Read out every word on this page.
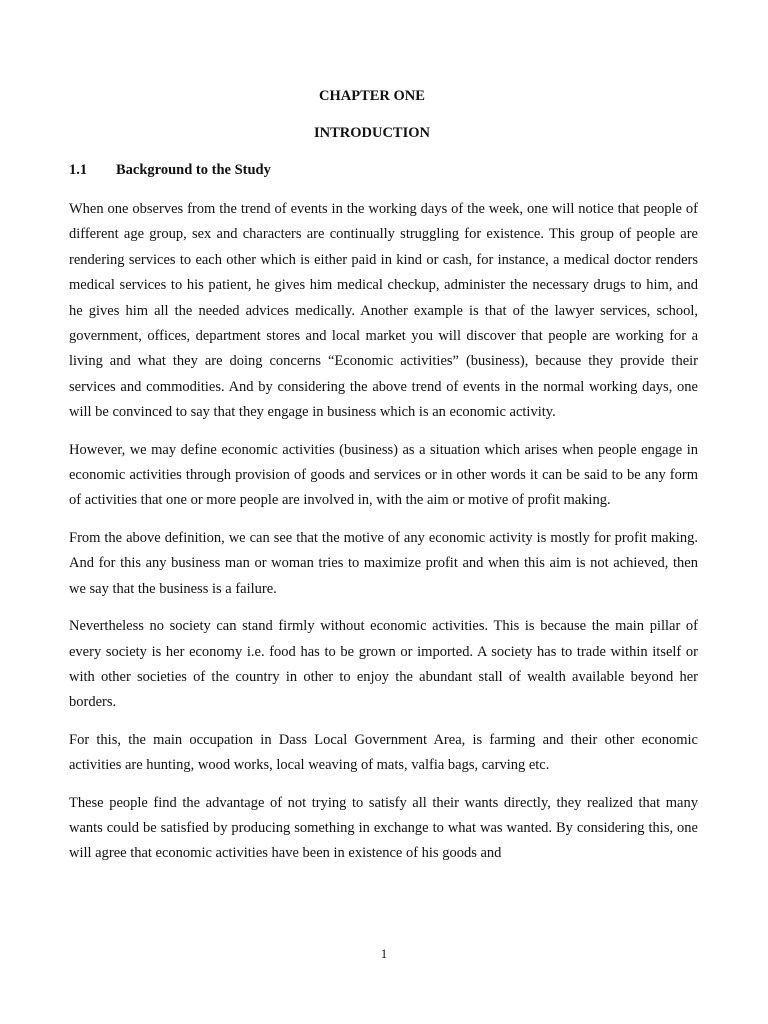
CHAPTER ONE
INTRODUCTION
1.1 Background to the Study

When one observes from the trend of events in the working days of the week, one will notice that people of different age group, sex and characters are continually struggling for existence. This group of people are rendering services to each other which is either paid in kind or cash, for instance, a medical doctor renders medical services to his patient, he gives him medical checkup, administer the necessary drugs to him, and he gives him all the needed advices medically. Another example is that of the lawyer services, school, government, offices, department stores and local market you will discover that people are working for a living and what they are doing concerns “Economic activities” (business), because they provide their services and commodities. And by considering the above trend of events in the normal working days, one will be convinced to say that they engage in business which is an economic activity.

However, we may define economic activities (business) as a situation which arises when people engage in economic activities through provision of goods and services or in other words it can be said to be any form of activities that one or more people are involved in, with the aim or motive of profit making.

From the above definition, we can see that the motive of any economic activity is mostly for profit making. And for this any business man or woman tries to maximize profit and when this aim is not achieved, then we say that the business is a failure.

Nevertheless no society can stand firmly without economic activities. This is because the main pillar of every society is her economy i.e. food has to be grown or imported. A society has to trade within itself or with other societies of the country in other to enjoy the abundant stall of wealth available beyond her borders.

For this, the main occupation in Dass Local Government Area, is farming and their other economic activities are hunting, wood works, local weaving of mats, valfia bags, carving etc.

These people find the advantage of not trying to satisfy all their wants directly, they realized that many wants could be satisfied by producing something in exchange to what was wanted. By considering this, one will agree that economic activities have been in existence of his goods and

1
